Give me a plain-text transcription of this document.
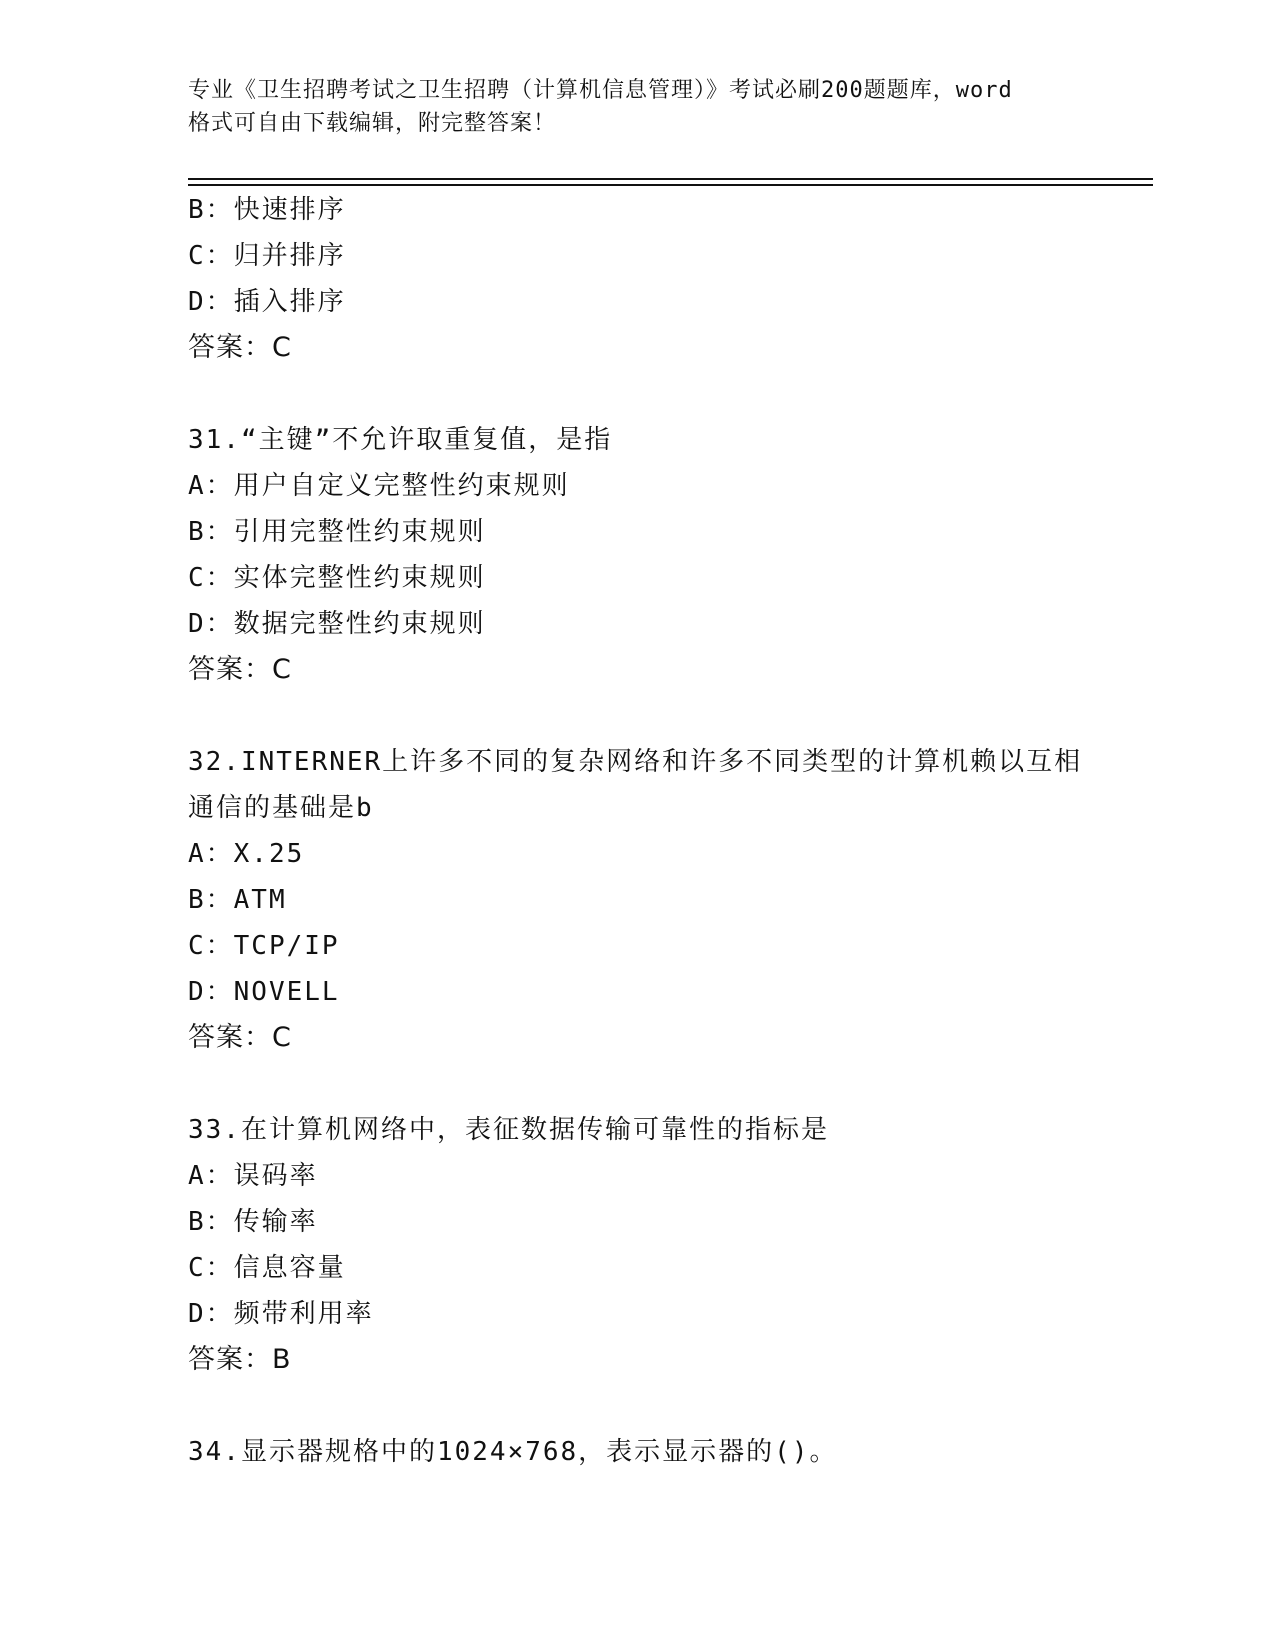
专业《卫生招聘考试之卫生招聘（计算机信息管理）》考试必刷200题题库，word
格式可自由下载编辑，附完整答案！
B：快速排序
C：归并排序
D：插入排序
答案：C
31.“主键”不允许取重复值，是指
A：用户自定义完整性约束规则
B：引用完整性约束规则
C：实体完整性约束规则
D：数据完整性约束规则
答案：C
32.INTERNER上许多不同的复杂网络和许多不同类型的计算机赖以互相
通信的基础是b
A：X.25
B：ATM
C：TCP/IP
D：NOVELL
答案：C
33.在计算机网络中，表征数据传输可靠性的指标是
A：误码率
B：传输率
C：信息容量
D：频带利用率
答案：B
34.显示器规格中的1024×768，表示显示器的()。
